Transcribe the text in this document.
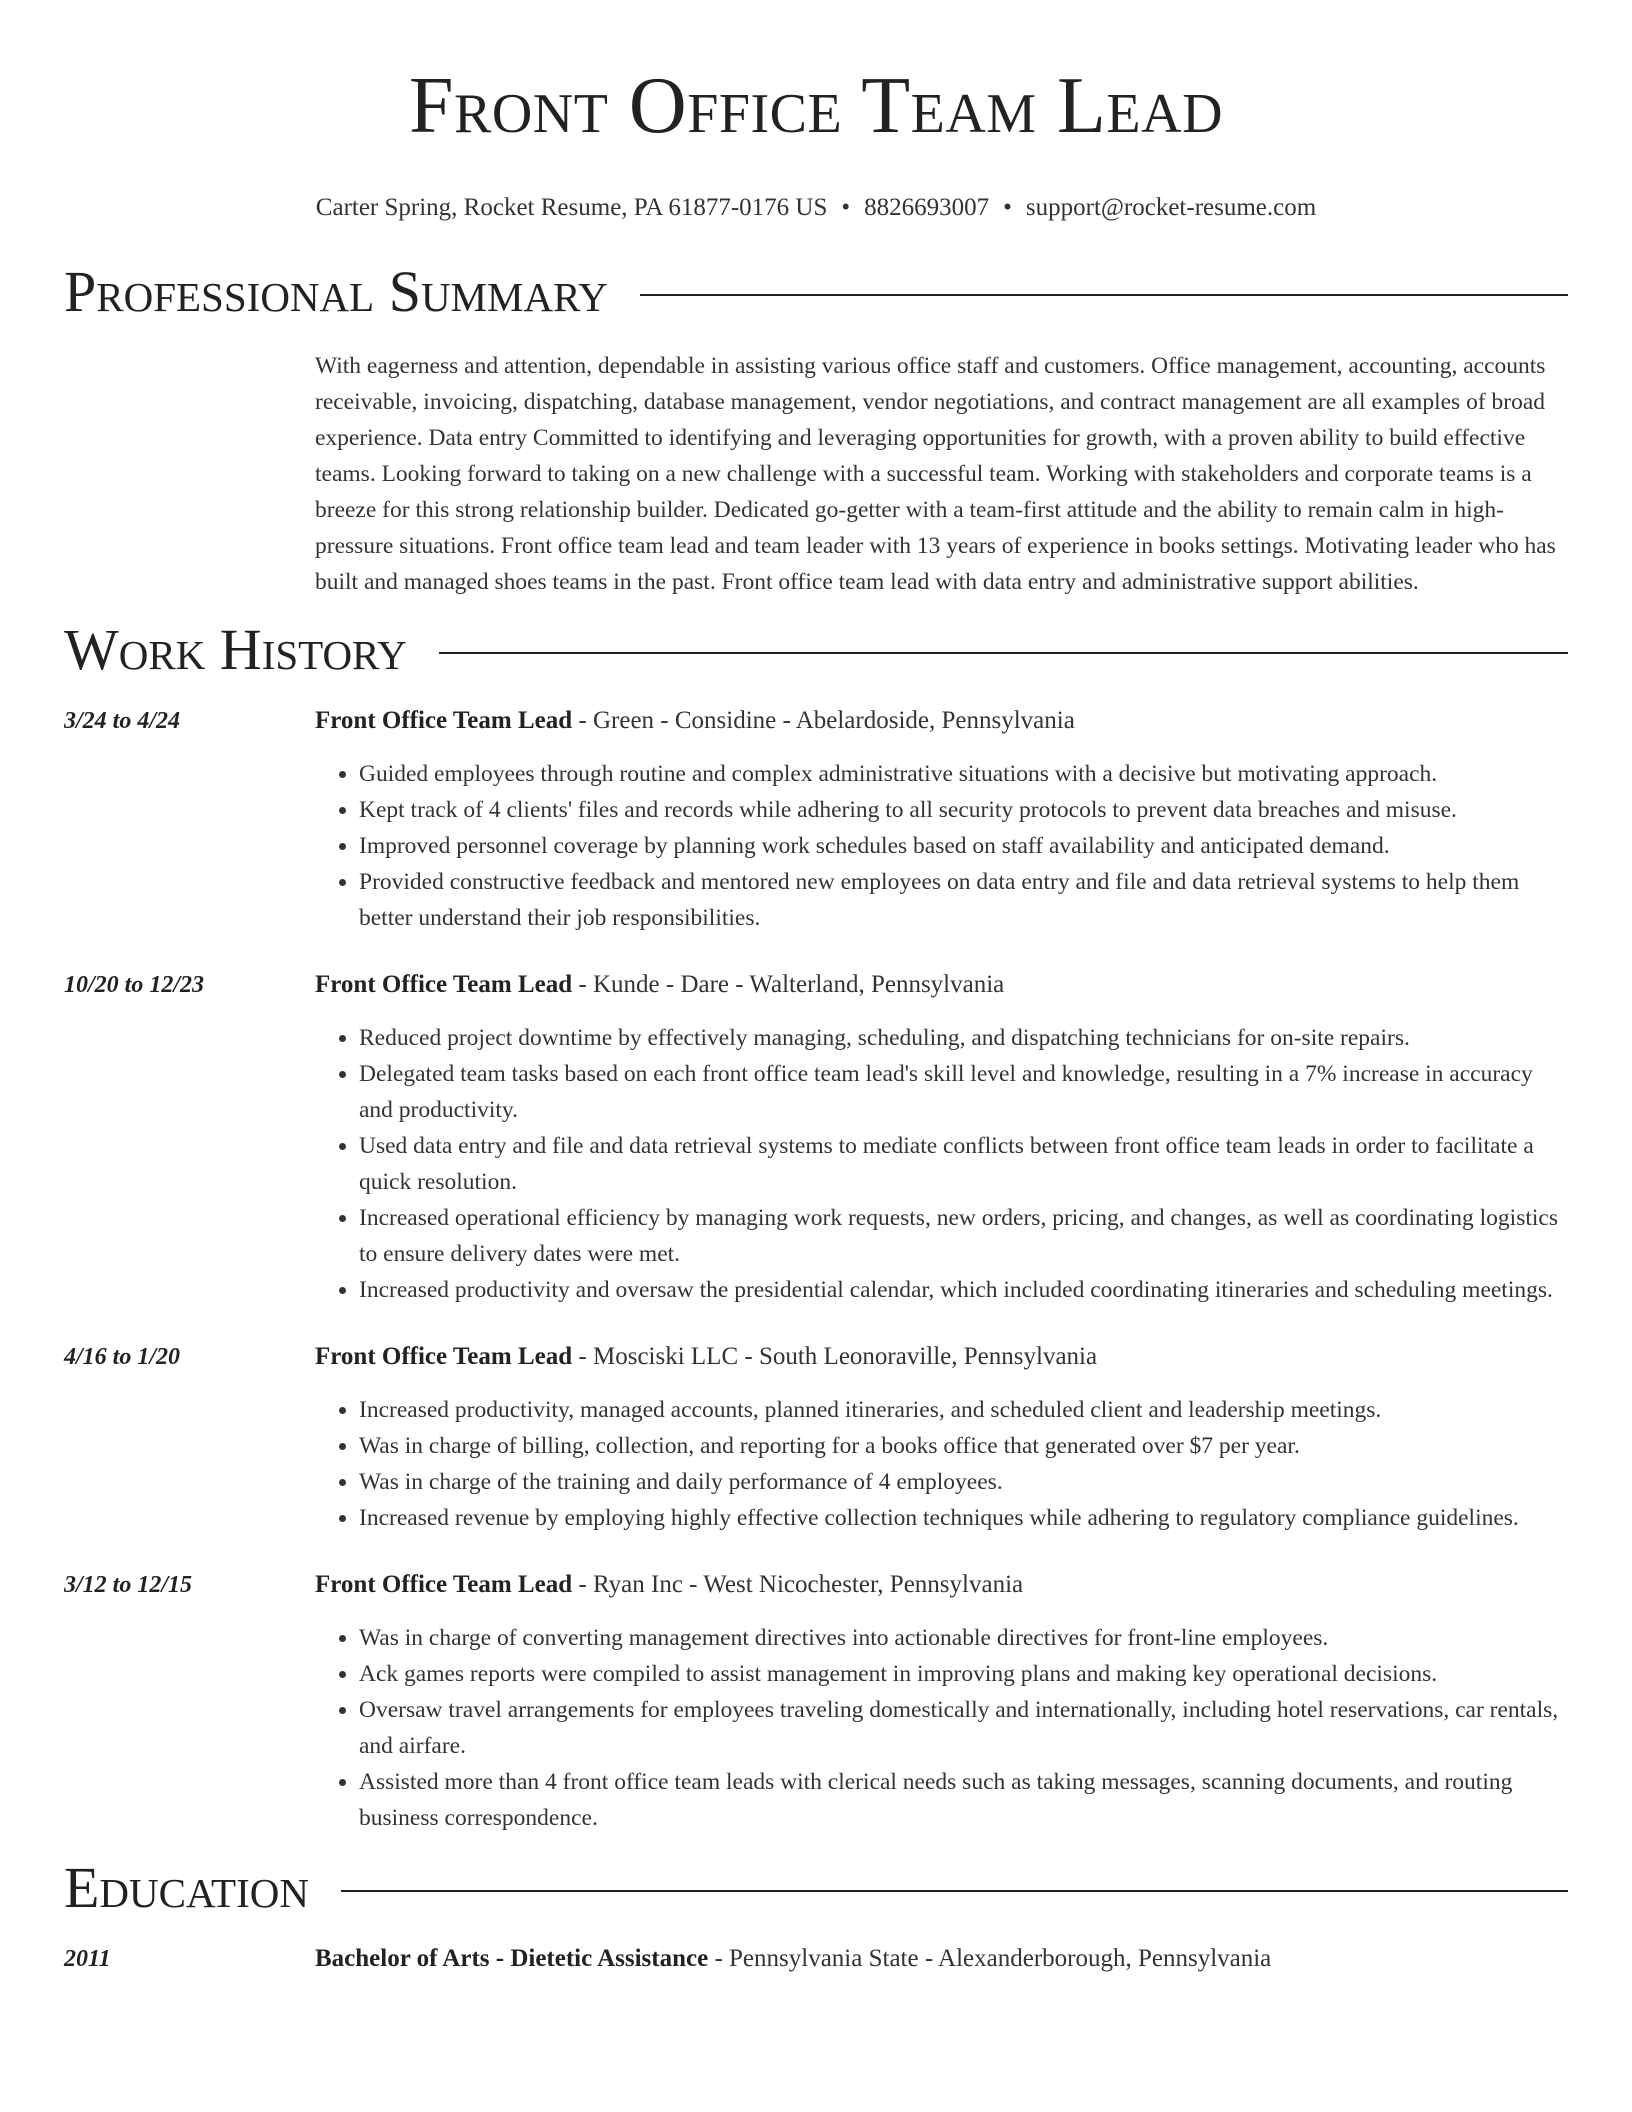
Front Office Team Lead
Carter Spring, Rocket Resume, PA 61877-0176 US • 8826693007 • support@rocket-resume.com
Professional Summary
With eagerness and attention, dependable in assisting various office staff and customers. Office management, accounting, accounts receivable, invoicing, dispatching, database management, vendor negotiations, and contract management are all examples of broad experience. Data entry Committed to identifying and leveraging opportunities for growth, with a proven ability to build effective teams. Looking forward to taking on a new challenge with a successful team. Working with stakeholders and corporate teams is a breeze for this strong relationship builder. Dedicated go-getter with a team-first attitude and the ability to remain calm in high-pressure situations. Front office team lead and team leader with 13 years of experience in books settings. Motivating leader who has built and managed shoes teams in the past. Front office team lead with data entry and administrative support abilities.
Work History
3/24 to 4/24	Front Office Team Lead - Green - Considine - Abelardoside, Pennsylvania
• Guided employees through routine and complex administrative situations with a decisive but motivating approach.
• Kept track of 4 clients' files and records while adhering to all security protocols to prevent data breaches and misuse.
• Improved personnel coverage by planning work schedules based on staff availability and anticipated demand.
• Provided constructive feedback and mentored new employees on data entry and file and data retrieval systems to help them better understand their job responsibilities.
10/20 to 12/23	Front Office Team Lead - Kunde - Dare - Walterland, Pennsylvania
• Reduced project downtime by effectively managing, scheduling, and dispatching technicians for on-site repairs.
• Delegated team tasks based on each front office team lead's skill level and knowledge, resulting in a 7% increase in accuracy and productivity.
• Used data entry and file and data retrieval systems to mediate conflicts between front office team leads in order to facilitate a quick resolution.
• Increased operational efficiency by managing work requests, new orders, pricing, and changes, as well as coordinating logistics to ensure delivery dates were met.
• Increased productivity and oversaw the presidential calendar, which included coordinating itineraries and scheduling meetings.
4/16 to 1/20	Front Office Team Lead - Mosciski LLC - South Leonoraville, Pennsylvania
• Increased productivity, managed accounts, planned itineraries, and scheduled client and leadership meetings.
• Was in charge of billing, collection, and reporting for a books office that generated over $7 per year.
• Was in charge of the training and daily performance of 4 employees.
• Increased revenue by employing highly effective collection techniques while adhering to regulatory compliance guidelines.
3/12 to 12/15	Front Office Team Lead - Ryan Inc - West Nicochester, Pennsylvania
• Was in charge of converting management directives into actionable directives for front-line employees.
• Ack games reports were compiled to assist management in improving plans and making key operational decisions.
• Oversaw travel arrangements for employees traveling domestically and internationally, including hotel reservations, car rentals, and airfare.
• Assisted more than 4 front office team leads with clerical needs such as taking messages, scanning documents, and routing business correspondence.
Education
2011	Bachelor of Arts - Dietetic Assistance - Pennsylvania State - Alexanderborough, Pennsylvania
